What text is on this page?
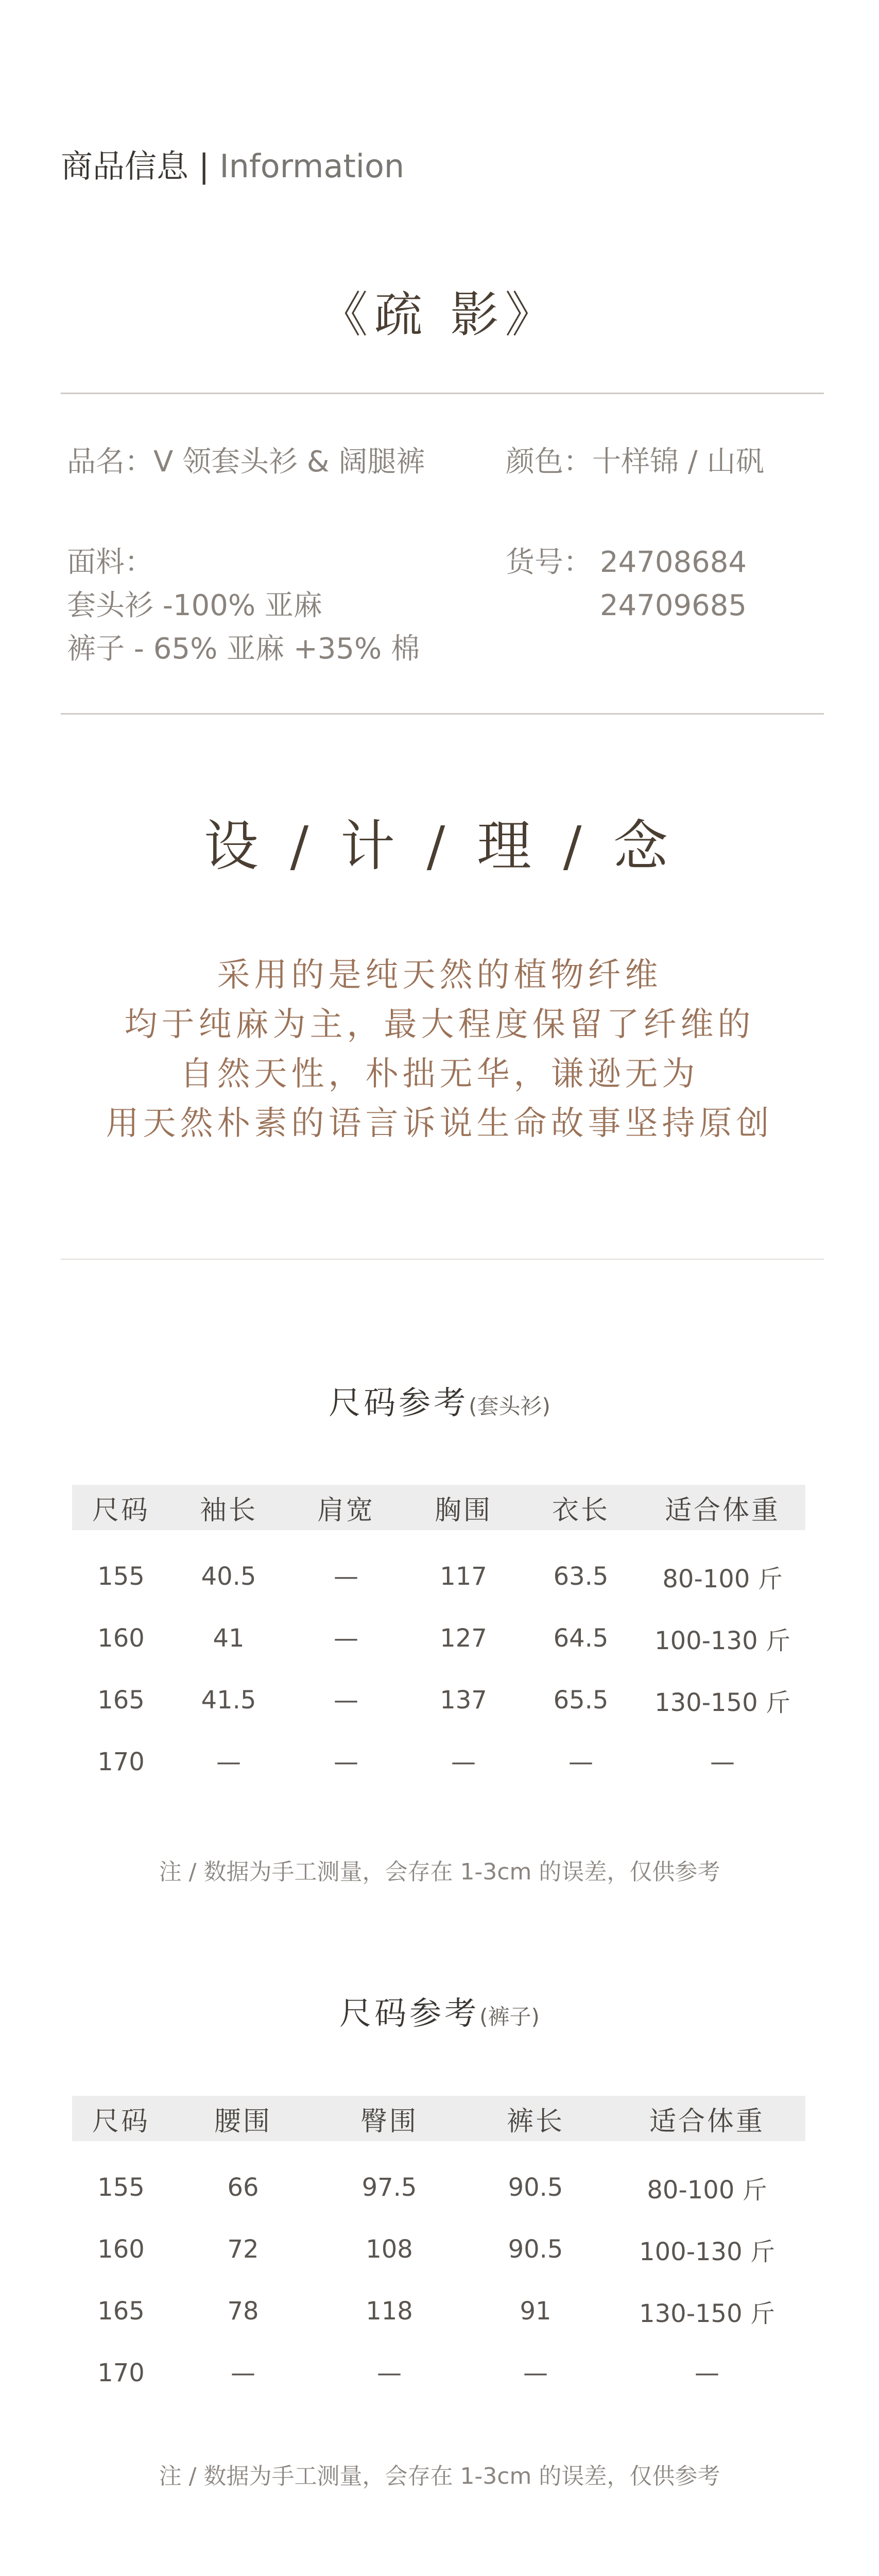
商品信息 | Information
《疏 影》
品名：V 领套头衫 & 阔腿裤	颜色：十样锦 / 山矾
面料：
套头衫 -100% 亚麻
裤子 - 65% 亚麻 +35% 棉
货号： 24708684
24709685
设 / 计 / 理 / 念
采用的是纯天然的植物纤维
均于纯麻为主，最大程度保留了纤维的
自然天性，朴拙无华，谦逊无为
用天然朴素的语言诉说生命故事坚持原创
尺码参考(套头衫)
尺码	袖长	肩宽	胸围	衣长	适合体重
155	40.5	—	117	63.5	80-100 斤
160	41	—	127	64.5	100-130 斤
165	41.5	—	137	65.5	130-150 斤
170	—	—	—	—	—
注 / 数据为手工测量，会存在 1-3cm 的误差，仅供参考
尺码参考(裤子)
尺码	腰围	臀围	裤长	适合体重
155	66	97.5	90.5	80-100 斤
160	72	108	90.5	100-130 斤
165	78	118	91	130-150 斤
170	—	—	—	—
注 / 数据为手工测量，会存在 1-3cm 的误差，仅供参考
